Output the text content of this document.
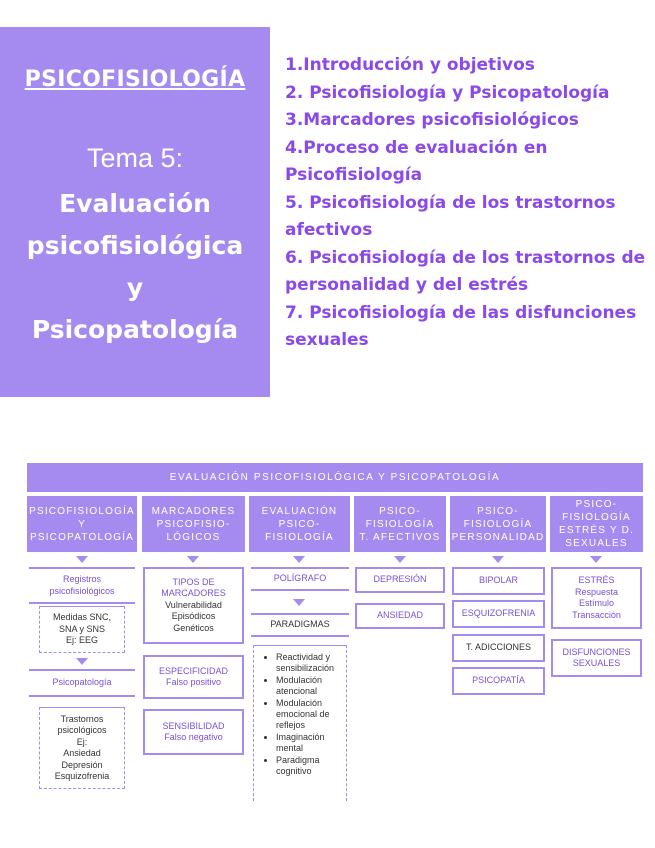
PSICOFISIOLOGÍA
Tema 5:
Evaluación
psicofisiológica
y
Psicopatología
1.Introducción y objetivos
2. Psicofisiología y Psicopatología
3.Marcadores psicofisiológicos
4.Proceso de evaluación en Psicofisiología
5. Psicofisiología de los trastornos afectivos
6. Psicofisiología de los trastornos de personalidad y del estrés
7. Psicofisiología de las disfunciones sexuales
EVALUACIÓN PSICOFISIOLÓGICA Y PSICOPATOLOGÍA
PSICOFISIOLOGÍA
Y
PSICOPATOLOGÍA
MARCADORES
PSICOFISIO-
LÓGICOS
EVALUACIÓN
PSICO-
FISIOLOGÍA
PSICO-
FISIOLOGÍA
T. AFECTIVOS
PSICO-
FISIOLOGÍA
PERSONALIDAD
PSICO-
FISIOLOGÍA
ESTRÉS Y D.
SEXUALES
Registros
psicofisiológicos
Medidas SNC,
SNA y SNS
Ej: EEG
Psicopatología
Trastornos
psicológicos
Ej:
Ansiedad
Depresión
Esquizofrenia
TIPOS DE
MARCADORES
Vulnerabilidad
Episódicos
Genéticos
ESPECIFICIDAD
Falso positivo
SENSIBILIDAD
Falso negativo
POLÍGRAFO
PARADIGMAS
• Reactividad y sensibilización
• Modulación atencional
• Modulación emocional de reflejos
• Imaginación mental
• Paradigma cognitivo
DEPRESIÓN
ANSIEDAD
BIPOLAR
ESQUIZOFRENIA
T. ADICCIONES
PSICOPATÍA
ESTRÉS
Respuesta
Estímulo
Transacción
DISFUNCIONES
SEXUALES
